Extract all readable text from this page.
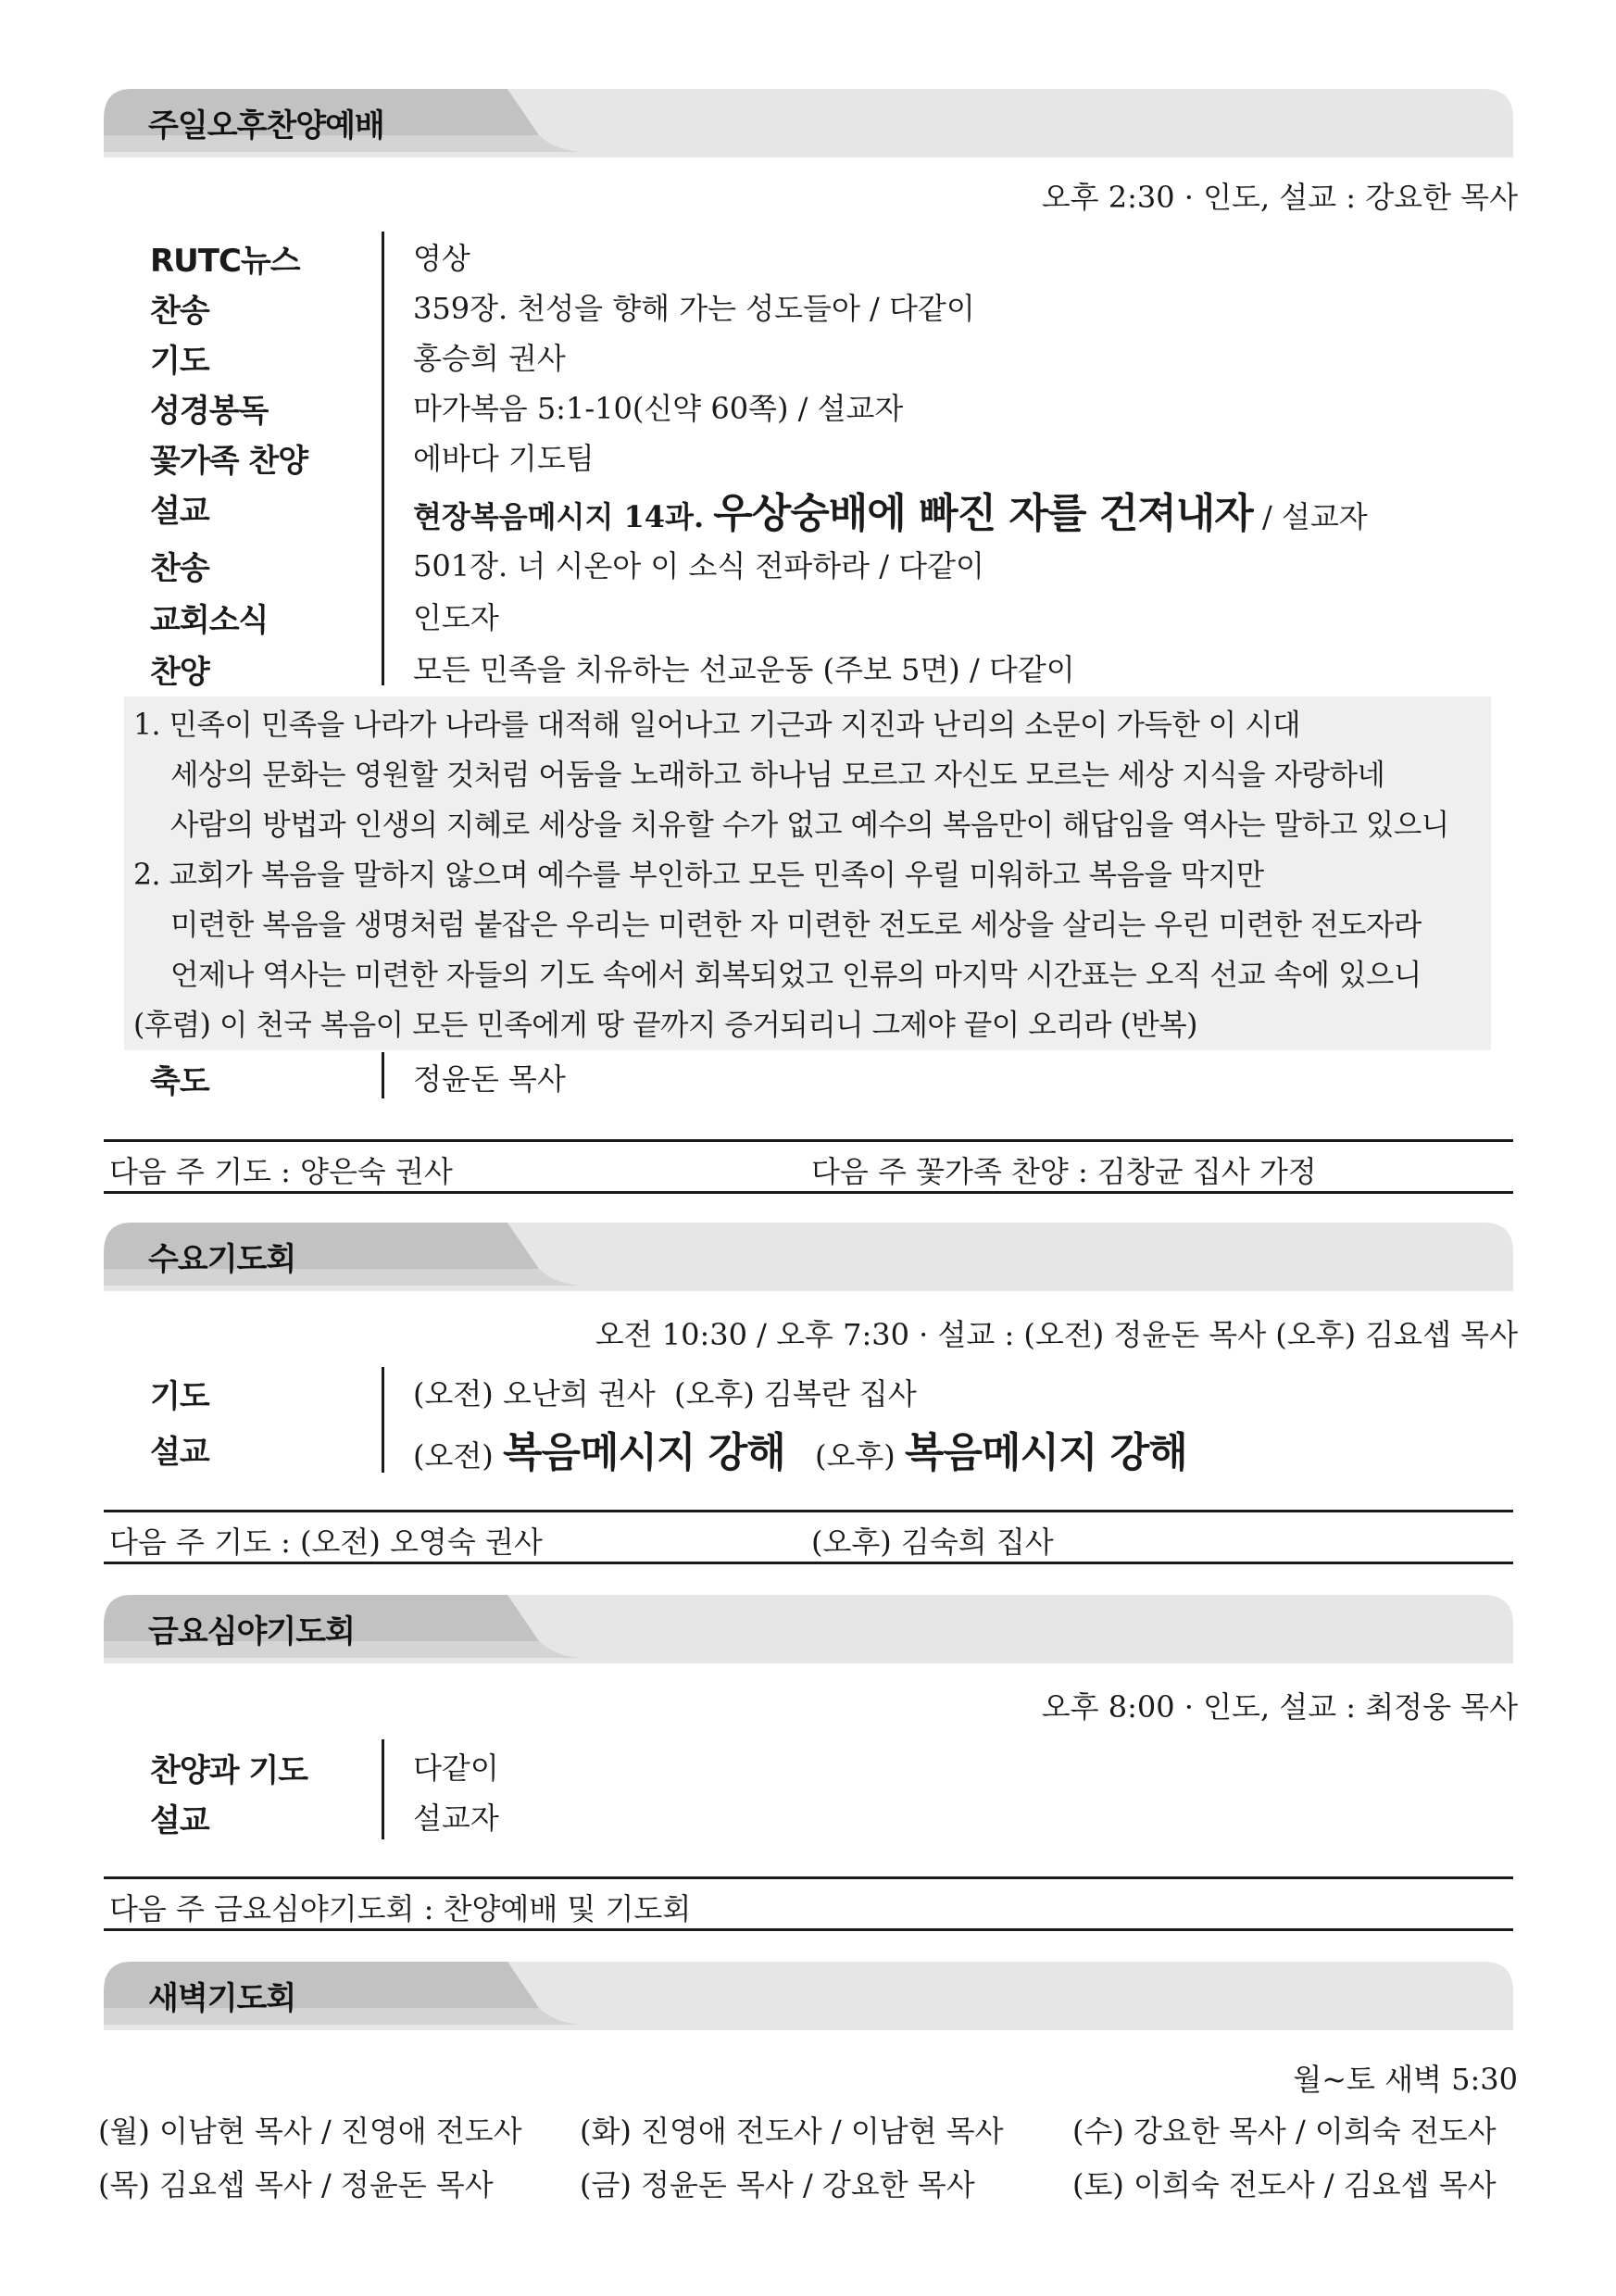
주일오후찬양예배
오후 2:30 · 인도, 설교 : 강요한 목사
RUTC뉴스	영상
찬송	359장. 천성을 향해 가는 성도들아 / 다같이
기도	홍승희 권사
성경봉독	마가복음 5:1-10(신약 60쪽) / 설교자
꽃가족 찬양	에바다 기도팀
설교	현장복음메시지 14과. 우상숭배에 빠진 자를 건져내자 / 설교자
찬송	501장. 너 시온아 이 소식 전파하라 / 다같이
교회소식	인도자
찬양	모든 민족을 치유하는 선교운동 (주보 5면) / 다같이
1. 민족이 민족을 나라가 나라를 대적해 일어나고 기근과 지진과 난리의 소문이 가득한 이 시대
세상의 문화는 영원할 것처럼 어둠을 노래하고 하나님 모르고 자신도 모르는 세상 지식을 자랑하네
사람의 방법과 인생의 지혜로 세상을 치유할 수가 없고 예수의 복음만이 해답임을 역사는 말하고 있으니
2. 교회가 복음을 말하지 않으며 예수를 부인하고 모든 민족이 우릴 미워하고 복음을 막지만
미련한 복음을 생명처럼 붙잡은 우리는 미련한 자 미련한 전도로 세상을 살리는 우린 미련한 전도자라
언제나 역사는 미련한 자들의 기도 속에서 회복되었고 인류의 마지막 시간표는 오직 선교 속에 있으니
(후렴) 이 천국 복음이 모든 민족에게 땅 끝까지 증거되리니 그제야 끝이 오리라 (반복)
축도	정윤돈 목사
다음 주 기도 : 양은숙 권사	다음 주 꽃가족 찬양 : 김창균 집사 가정
수요기도회
오전 10:30 / 오후 7:30 · 설교 : (오전) 정윤돈 목사 (오후) 김요셉 목사
기도	(오전) 오난희 권사  (오후) 김복란 집사
설교	(오전) 복음메시지 강해 (오후) 복음메시지 강해
다음 주 기도 : (오전) 오영숙 권사	(오후) 김숙희 집사
금요심야기도회
오후 8:00 · 인도, 설교 : 최정웅 목사
찬양과 기도	다같이
설교	설교자
다음 주 금요심야기도회 : 찬양예배 및 기도회
새벽기도회
월~토 새벽 5:30
(월) 이남현 목사 / 진영애 전도사 (화) 진영애 전도사 / 이남현 목사 (수) 강요한 목사 / 이희숙 전도사
(목) 김요셉 목사 / 정윤돈 목사	(금) 정윤돈 목사 / 강요한 목사	(토) 이희숙 전도사 / 김요셉 목사
